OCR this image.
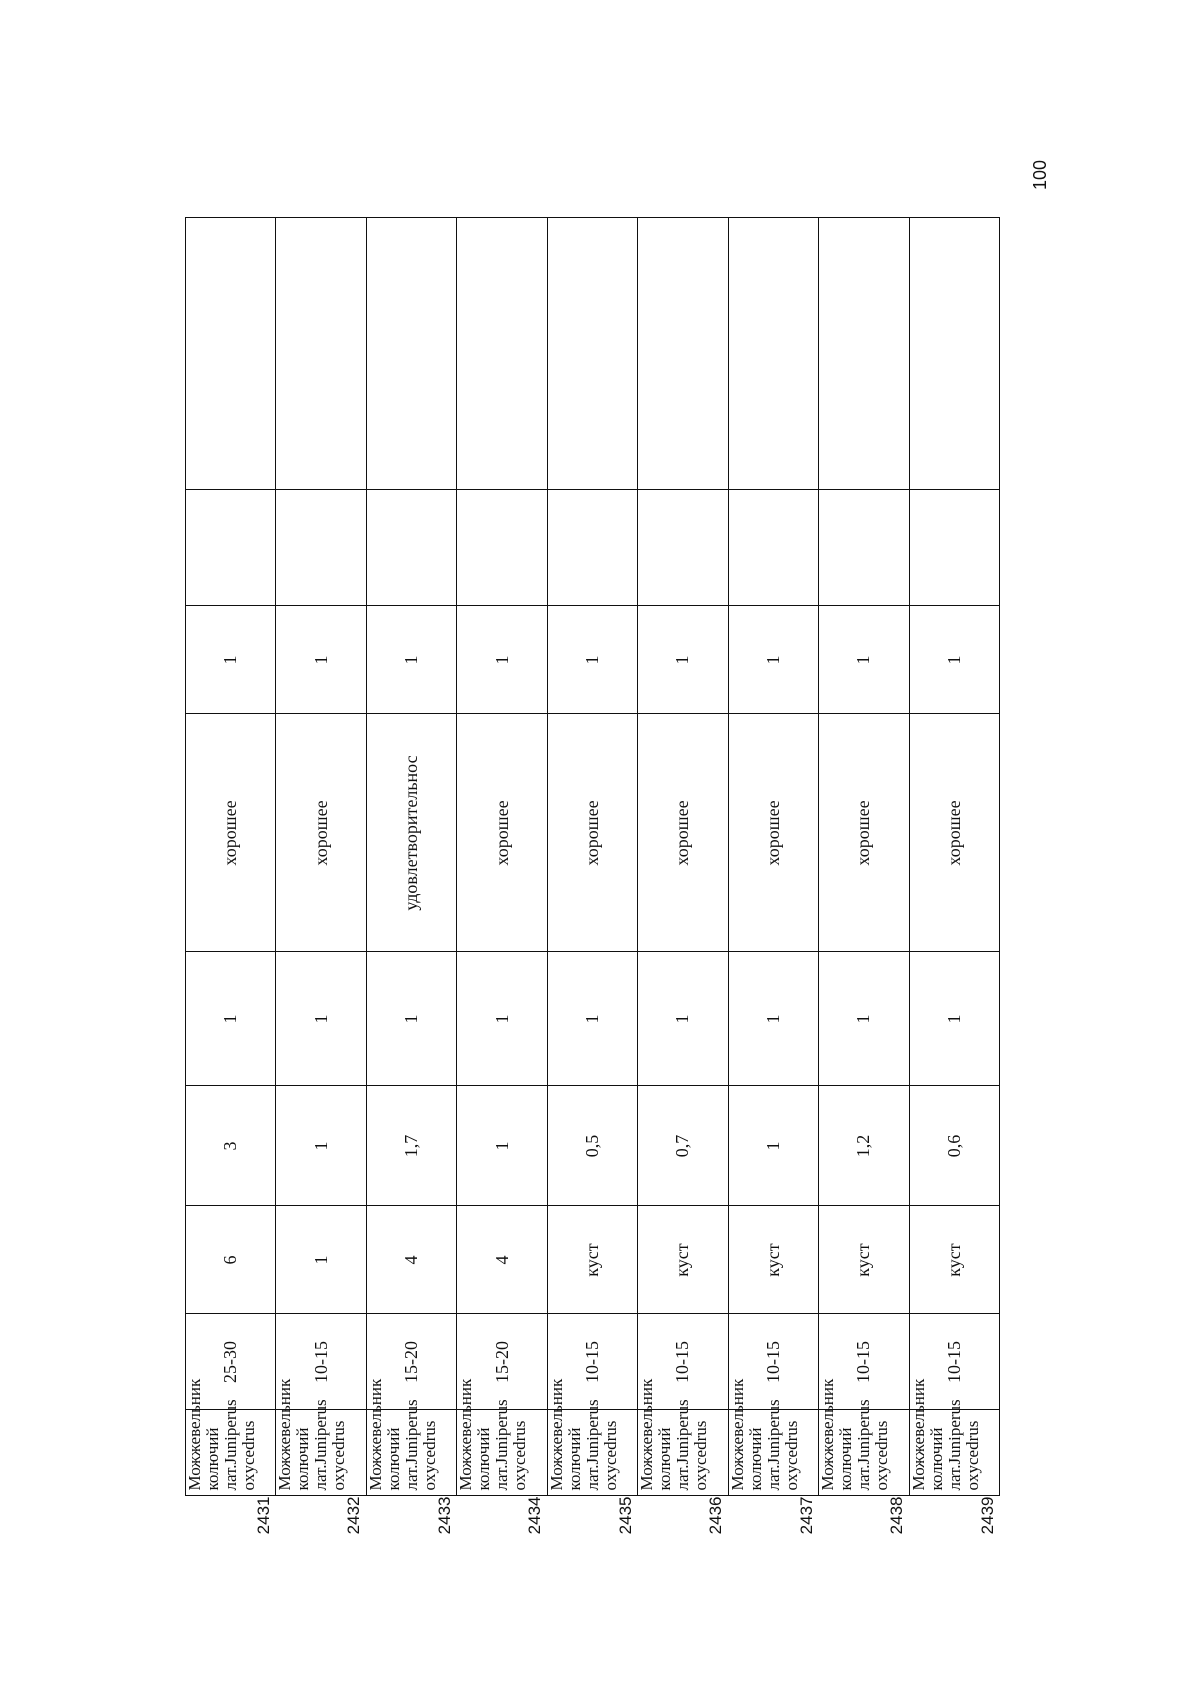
100
2431	Можжевельник колючий лат.Juniperus oxycedrus	25-30	6	3	1	хорошее	1		
2432	Можжевельник колючий лат.Juniperus oxycedrus	10-15	1	1	1	хорошее	1		
2433	Можжевельник колючий лат.Juniperus oxycedrus	15-20	4	1,7	1	удовлетворительнос	1		
2434	Можжевельник колючий лат.Juniperus oxycedrus	15-20	4	1	1	хорошее	1		
2435	Можжевельник колючий лат.Juniperus oxycedrus	10-15	куст	0,5	1	хорошее	1		
2436	Можжевельник колючий лат.Juniperus oxycedrus	10-15	куст	0,7	1	хорошее	1		
2437	Можжевельник колючий лат.Juniperus oxycedrus	10-15	куст	1	1	хорошее	1		
2438	Можжевельник колючий лат.Juniperus oxycedrus	10-15	куст	1,2	1	хорошее	1		
2439	Можжевельник колючий лат.Juniperus oxycedrus	10-15	куст	0,6	1	хорошее	1		
